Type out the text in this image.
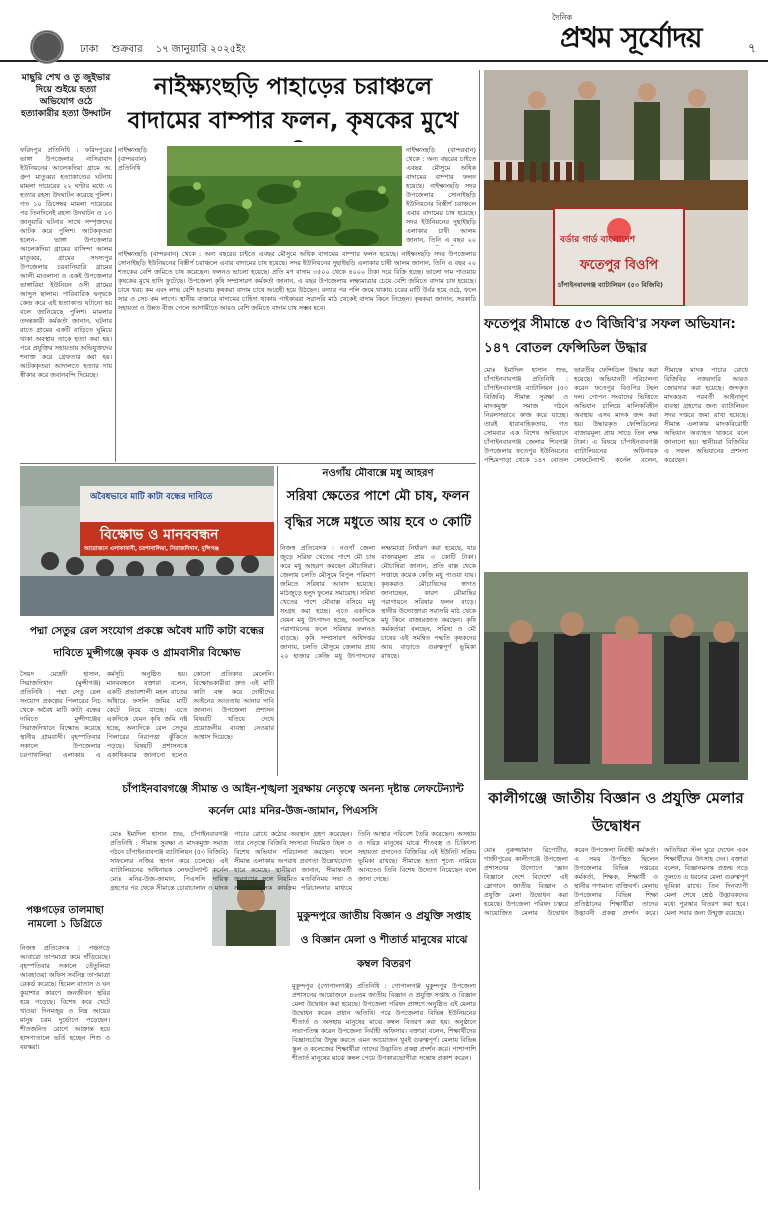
ঢাকা শুক্রবার ১৭ জানুয়ারি ২০২৫ইং
দৈনিক
প্রথম সূর্যোদয়	৭
মাছুরি শেখ ও তু জুইভার দিয়ে শুইয়ে হত্যা অভিযোগ ওঠে হত্যাকারীর হত্যা উদ্ঘাটন
ফরিদপুর প্রতিনিধি : ফরিদপুরের ভাঙ্গা উপজেলার নাসিরাবাদ ইউনিয়নের আলেকদিয়া গ্রামে অ. গ্রুপ মাতুব্বর হত্যাকাণ্ডের ঘটনায় মামলা দায়েরের ২২ ঘণ্টার মধ্যে এ হত্যার রহস্য উদঘাটন করেছে পুলিশ। গত ১০ ডিসেম্বর মামলা দায়েরের পর তিনদিনেই রহস্য উদঘাটন ও ১৩ জানুয়ারি ঘটনার সাথে সম্পৃক্তদের আটক করে পুলিশ। আটককৃতরা হলেন- ভাঙ্গা উপজেলার আলেকদিয়া গ্রামের বাসিন্দা আলম মাতুব্বর, গ্রামের সদস্যপুর উপজেলার চরবানিয়ারি গ্রামের আলী মাওলানা ও একই উপজেলার ভাঙ্গারিয়া ইউনিয়ন ওসী গ্রামের আব্দুস ছালাম। পারিবারিক দ্বন্দ্বকে কেন্দ্র করে এই হত্যাকাণ্ড ঘটানো হয় বলে জানিয়েছে পুলিশ। মামলার তদন্তকারী কর্মকর্তা জানান, ঘটনার রাতে গ্রামের একটি বাড়িতে ঘুমিয়ে থাকা অবস্থায় তাকে হত্যা করা হয়। পরে প্রযুক্তির সহায়তায় অভিযুক্তদের শনাক্ত করে গ্রেফতার করা হয়। আটককৃতরা আদালতে হত্যার দায় স্বীকার করে জবানবন্দি দিয়েছে।
নাইক্ষ্যংছড়ি পাহাড়ের চরাঞ্চলে বাদামের বাম্পার ফলন, কৃষকের মুখে
নাইক্ষ্যংছড়ি (বান্দরবান) প্রতিনিধি
নাইক্ষ্যংছড়ি (বান্দরবান) থেকে : অন্য বছরের চাইতে এবছর মৌসুমে অধিক বাদামের বাম্পার ফলন হয়েছে। নাইক্ষ্যংছড়ি সদর উপজেলার সোনাইছড়ি ইউনিয়নের বিস্তীর্ণ চরাঞ্চলে এবার বাদামের চাষ হয়েছে। সদর ইউনিয়নের দুছাইছড়ি এলাকার চাষী আলম জানান, তিনি এ বছর ২০
নাইক্ষ্যংছড়ি (বান্দরবান) থেকে : অন্য বছরের চাইতে এবছর মৌসুমে অধিক বাদামের বাম্পার ফলন হয়েছে। নাইক্ষ্যংছড়ি সদর উপজেলার সোনাইছড়ি ইউনিয়নের বিস্তীর্ণ চরাঞ্চলে এবার বাদামের চাষ হয়েছে। সদর ইউনিয়নের দুছাইছড়ি এলাকার চাষী আলম জানান, তিনি এ বছর ২০ শতকের বেশি জমিতে চাষ করেছেন। ফলনও ভালো হয়েছে। প্রতি মণ বাদাম ৩৫০০ থেকে ৪০০০ টাকা দরে বিক্রি হচ্ছে। ভালো দাম পাওয়ায় কৃষকের মুখে হাসি ফুটেছে। উপজেলা কৃষি সম্প্রসারণ কর্মকর্তা জানান, এ বছর উপজেলায় লক্ষ্যমাত্রার চেয়ে বেশি জমিতে বাদাম চাষ হয়েছে। চাষে খরচ কম এবং লাভ বেশি হওয়ায় কৃষকরা বাদাম চাষে আগ্রহী হয়ে উঠছেন। বন্যার পর পলি জমে থাকায় চরের মাটি উর্বর হয়ে ওঠে, ফলে সার ও সেচ কম লাগে। স্থানীয় বাজারে বাদামের চাহিদা থাকায় পাইকাররা সরাসরি মাঠ থেকেই বাদাম কিনে নিচ্ছেন। কৃষকরা জানান, সরকারি সহায়তা ও উন্নত বীজ পেলে আগামীতে আরও বেশি জমিতে বাদাম চাষ সম্ভব হবে।
বর্ডার গার্ড বাংলাদেশ
ফতেপুর বিওপি
চাঁপাইনবাবগঞ্জ ব্যাটালিয়ন (৫৩ বিজিবি)
ফতেপুর সীমান্তে ৫৩ বিজিবি'র সফল অভিযান: ১৪৭ বোতল ফেন্সিডিল উদ্ধার
মোঃ ইমাদিল হাসান শুভ, চাঁপাইনবাবগঞ্জ প্রতিনিধি : চাঁপাইনবাবগঞ্জ ব্যাটালিয়ন (৫৩ বিজিবি) সীমান্ত সুরক্ষা ও মাদকমুক্ত সমাজ গঠনে নিরলসভাবে কাজ করে যাচ্ছে। তারই ধারাবাহিকতায়, গত সোমবার এক বিশেষ অভিযানে চাঁপাইনবাবগঞ্জ জেলার শিবগঞ্জ উপজেলার ফতেপুর ইউনিয়নের পশ্চিমপাড়া থেকে ১৪৭ বোতল ভারতীয় ফেন্সিডিল উদ্ধার করা হয়েছে। অভিযানটি পরিচালনা করেন ফতেপুর বিওপির টহল দল। গোপন সংবাদের ভিত্তিতে অভিযান চালিয়ে মালিকবিহীন অবস্থায় এসব মাদক জব্দ করা হয়। উদ্ধারকৃত ফেন্সিডিলের বাজারমূল্য প্রায় সাড়ে তিন লক্ষ টাকা। এ বিষয়ে চাঁপাইনবাবগঞ্জ ব্যাটালিয়নের অধিনায়ক লেফটেন্যান্ট কর্নেল বলেন, সীমান্তে মাদক পাচার রোধে বিজিবির নজরদারি আরও জোরদার করা হয়েছে। জব্দকৃত মাদকদ্রব্য পরবর্তী আইনানুগ ব্যবস্থা গ্রহণের জন্য ব্যাটালিয়ন সদর দপ্তরে জমা রাখা হয়েছে। সীমান্ত এলাকায় মাদকবিরোধী অভিযান অব্যাহত থাকবে বলে জানানো হয়। স্থানীয়রা বিজিবির এ সফল অভিযানের প্রশংসা করেছেন।
নওগাঁয় মৌবাক্সে মধু আহরণ
সরিষা ক্ষেতের পাশে মৌ চাষ, ফলন বৃদ্ধির সঙ্গে মধুতে আয় হবে ৩ কোটি
নিজস্ব প্রতিবেদক : নওগাঁ জেলা জুড়ে সরিষা খেতের পাশে মৌ চাষ করে মধু আহরণ করছেন মৌচাষিরা। জেলায় চলতি মৌসুমে বিপুল পরিমাণ জমিতে সরিষার আবাদ হয়েছে। মাঠজুড়ে হলুদ ফুলের সমারোহ। সরিষা খেতের পাশে মৌবাক্স বসিয়ে মধু সংগ্রহ করা হচ্ছে। এতে একদিকে যেমন মধু উৎপাদন হচ্ছে, অন্যদিকে পরাগায়নের ফলে সরিষার ফলনও বাড়ছে। কৃষি সম্প্রসারণ অধিদপ্তর জানায়, চলতি মৌসুমে জেলায় প্রায় ২০ হাজার কেজি মধু উৎপাদনের লক্ষ্যমাত্রা নির্ধারণ করা হয়েছে, যার বাজারমূল্য প্রায় ৩ কোটি টাকা। মৌচাষিরা জানান, প্রতি বাক্স থেকে সপ্তাহে কয়েক কেজি মধু পাওয়া যায়। কৃষকরাও মৌচাষিদের স্বাগত জানাচ্ছেন, কারণ মৌমাছির পরাগায়নে সরিষার ফলন বাড়ে। স্থানীয় উদ্যোক্তারা সরাসরি মাঠ থেকে মধু কিনে বাজারজাত করছেন। কৃষি কর্মকর্তারা বলছেন, সরিষা ও মৌ চাষের এই সমন্বিত পদ্ধতি কৃষকদের আয় বাড়াতে গুরুত্বপূর্ণ ভূমিকা রাখছে।
অবৈধভাবে মাটি কাটা বন্ধের দাবিতে
বিক্ষোভ ও মানববন্ধন
আয়োজনে এলাকাবাসী, চরপাথালিয়া, সিরাজদিখান, মুন্সিগঞ্জ
পদ্মা সেতুর রেল সংযোগ প্রকল্পে অবৈধ মাটি কাটা বন্ধের দাবিতে মুন্সীগঞ্জে কৃষক ও গ্রামবাসীর বিক্ষোভ
সৈয়দ মেহেদী হাসান, সিরাজদিখান (মুন্সীগঞ্জ) প্রতিনিধি : পদ্মা সেতু রেল সংযোগ প্রকল্পের পিলারের নিচ থেকে অবৈধ মাটি কাটা বন্ধের দাবিতে মুন্সীগঞ্জের সিরাজদিখানে বিক্ষোভ করেছে স্থানীয় গ্রামবাসী। বৃহস্পতিবার সকালে উপজেলার চরপাথালিয়া এলাকায় এ কর্মসূচি অনুষ্ঠিত হয়। মানববন্ধনে বক্তারা বলেন, একটি প্রভাবশালী মহল রাতের আঁধারে ফসলি জমির মাটি কেটে নিয়ে যাচ্ছে। এতে একদিকে যেমন কৃষি জমি নষ্ট হচ্ছে, অন্যদিকে রেল সেতুর পিলারের নিরাপত্তা ঝুঁকিতে পড়ছে। বিষয়টি প্রশাসনকে একাধিকবার জানানো হলেও কোনো প্রতিকার মেলেনি। বিক্ষোভকারীরা দ্রুত এই মাটি কাটা বন্ধ করে দোষীদের আইনের আওতায় আনার দাবি জানান। উপজেলা প্রশাসন বিষয়টি খতিয়ে দেখে প্রয়োজনীয় ব্যবস্থা নেওয়ার আশ্বাস দিয়েছে।
চাঁপাইনবাবগঞ্জে সীমান্ত ও আইন-শৃঙ্খলা সুরক্ষায় নেতৃত্বে অনন্য দৃষ্টান্ত লেফটেন্যান্ট কর্নেল মোঃ মনির-উজ-জামান, পিএসসি
মোঃ ইমাদিল হাসান শুভ, চাঁপাইনবাবগঞ্জ প্রতিনিধি : সীমান্ত সুরক্ষা ও মাদকমুক্ত সমাজ গঠনে চাঁপাইনবাবগঞ্জ ব্যাটালিয়ন (৫৩ বিজিবি) সাফল্যের নজির স্থাপন করে চলেছে। এই ব্যাটালিয়নের অধিনায়ক লেফটেন্যান্ট কর্নেল মোঃ মনির-উজ-জামান, পিএসসি দায়িত্ব গ্রহণের পর থেকে সীমান্তে চোরাচালান ও মাদক পাচার রোধে কঠোর অবস্থান গ্রহণ করেছেন। তার নেতৃত্বে বিজিবি সদস্যরা নিয়মিত টহল ও বিশেষ অভিযান পরিচালনা করছেন। ফলে সীমান্ত এলাকায় অপরাধ প্রবণতা উল্লেখযোগ্য হারে কমেছে। স্থানীয়রা জানান, সীমান্তবর্তী জনগণের সঙ্গে নিয়মিত মতবিনিময় সভা ও সচেতনতামূলক কার্যক্রম পরিচালনার মাধ্যমে তিনি আস্থার পরিবেশ তৈরি করেছেন। অসহায় ও দরিদ্র মানুষের মাঝে শীতবস্ত্র ও চিকিৎসা সহায়তা প্রদানেও বিজিবির এই ইউনিট সক্রিয় ভূমিকা রাখছে। সীমান্তে হত্যা শূন্যে নামিয়ে আনতেও তিনি বিশেষ উদ্যোগ নিয়েছেন বলে জানা গেছে।
পঞ্চগড়ের তালমাছা নামলো ১ ডিগ্রিতে
নিজস্ব প্রতিবেদক : পঞ্চগড়ে আবারো তাপমাত্রা কমে দাঁড়িয়েছে। বৃহস্পতিবার সকালে তেঁতুলিয়া আবহাওয়া অফিস সর্বনিম্ন তাপমাত্রা রেকর্ড করেছে। হিমেল বাতাস ও ঘন কুয়াশার কারণে জনজীবন স্থবির হয়ে পড়েছে। বিশেষ করে খেটে খাওয়া দিনমজুর ও নিম্ন আয়ের মানুষ চরম দুর্ভোগে পড়েছেন। শীতজনিত রোগে আক্রান্ত হয়ে হাসপাতালে ভর্তি হচ্ছেন শিশু ও বয়স্করা।
কালীগঞ্জে জাতীয় বিজ্ঞান ও প্রযুক্তি মেলার উদ্বোধন
মোঃ নুরুজ্জামান রিপোর্টার, গাজীপুরের কালীগঞ্জে উপজেলা প্রশাসনের উদ্যোগে 'জ্ঞান বিজ্ঞানে দেশে বিদেশে' এই স্লোগানে জাতীয় বিজ্ঞান ও প্রযুক্তি মেলা উদ্বোধন করা হয়েছে। উপজেলা পরিষদ চত্বরে আয়োজিত মেলার উদ্বোধন করেন উপজেলা নির্বাহী কর্মকর্তা। এ সময় উপস্থিত ছিলেন উপজেলার বিভিন্ন দপ্তরের কর্মকর্তা, শিক্ষক, শিক্ষার্থী ও স্থানীয় গণ্যমান্য ব্যক্তিবর্গ। মেলায় উপজেলার বিভিন্ন শিক্ষা প্রতিষ্ঠানের শিক্ষার্থীরা তাদের উদ্ভাবনী প্রকল্প প্রদর্শন করে। অতিথিরা স্টল ঘুরে দেখেন এবং শিক্ষার্থীদের উৎসাহ দেন। বক্তারা বলেন, বিজ্ঞানমনস্ক প্রজন্ম গড়ে তুলতে এ ধরনের মেলা গুরুত্বপূর্ণ ভূমিকা রাখে। তিন দিনব্যাপী মেলা শেষে শ্রেষ্ঠ উদ্ভাবকদের মধ্যে পুরস্কার বিতরণ করা হবে। মেলা সবার জন্য উন্মুক্ত রয়েছে।
মুকুন্দপুরে জাতীয় বিজ্ঞান ও প্রযুক্তি সপ্তাহ ও বিজ্ঞান মেলা ও শীতার্ত মানুষের মাঝে কম্বল বিতরণ
মুকুন্দপুর (গোপালগঞ্জ) প্রতিনিধি : গোপালগঞ্জ মুকুন্দপুর উপজেলা প্রশাসনের আয়োজনে ৪৬তম জাতীয় বিজ্ঞান ও প্রযুক্তি সপ্তাহ ও বিজ্ঞান মেলা উদ্বোধন করা হয়েছে। উপজেলা পরিষদ প্রাঙ্গণে অনুষ্ঠিত এই মেলার উদ্বোধন করেন প্রধান অতিথি। পরে উপজেলার বিভিন্ন ইউনিয়নের শীতার্ত ও অসহায় মানুষের মাঝে কম্বল বিতরণ করা হয়। অনুষ্ঠানে সভাপতিত্ব করেন উপজেলা নির্বাহী অফিসার। বক্তারা বলেন, শিক্ষার্থীদের বিজ্ঞানচর্চায় উদ্বুদ্ধ করতে এমন আয়োজন খুবই গুরুত্বপূর্ণ। মেলায় বিভিন্ন স্কুল ও কলেজের শিক্ষার্থীরা তাদের উদ্ভাবিত প্রকল্প প্রদর্শন করে। পাশাপাশি শীতার্ত মানুষের মাঝে কম্বল পেয়ে উপকারভোগীরা সন্তোষ প্রকাশ করেন।
